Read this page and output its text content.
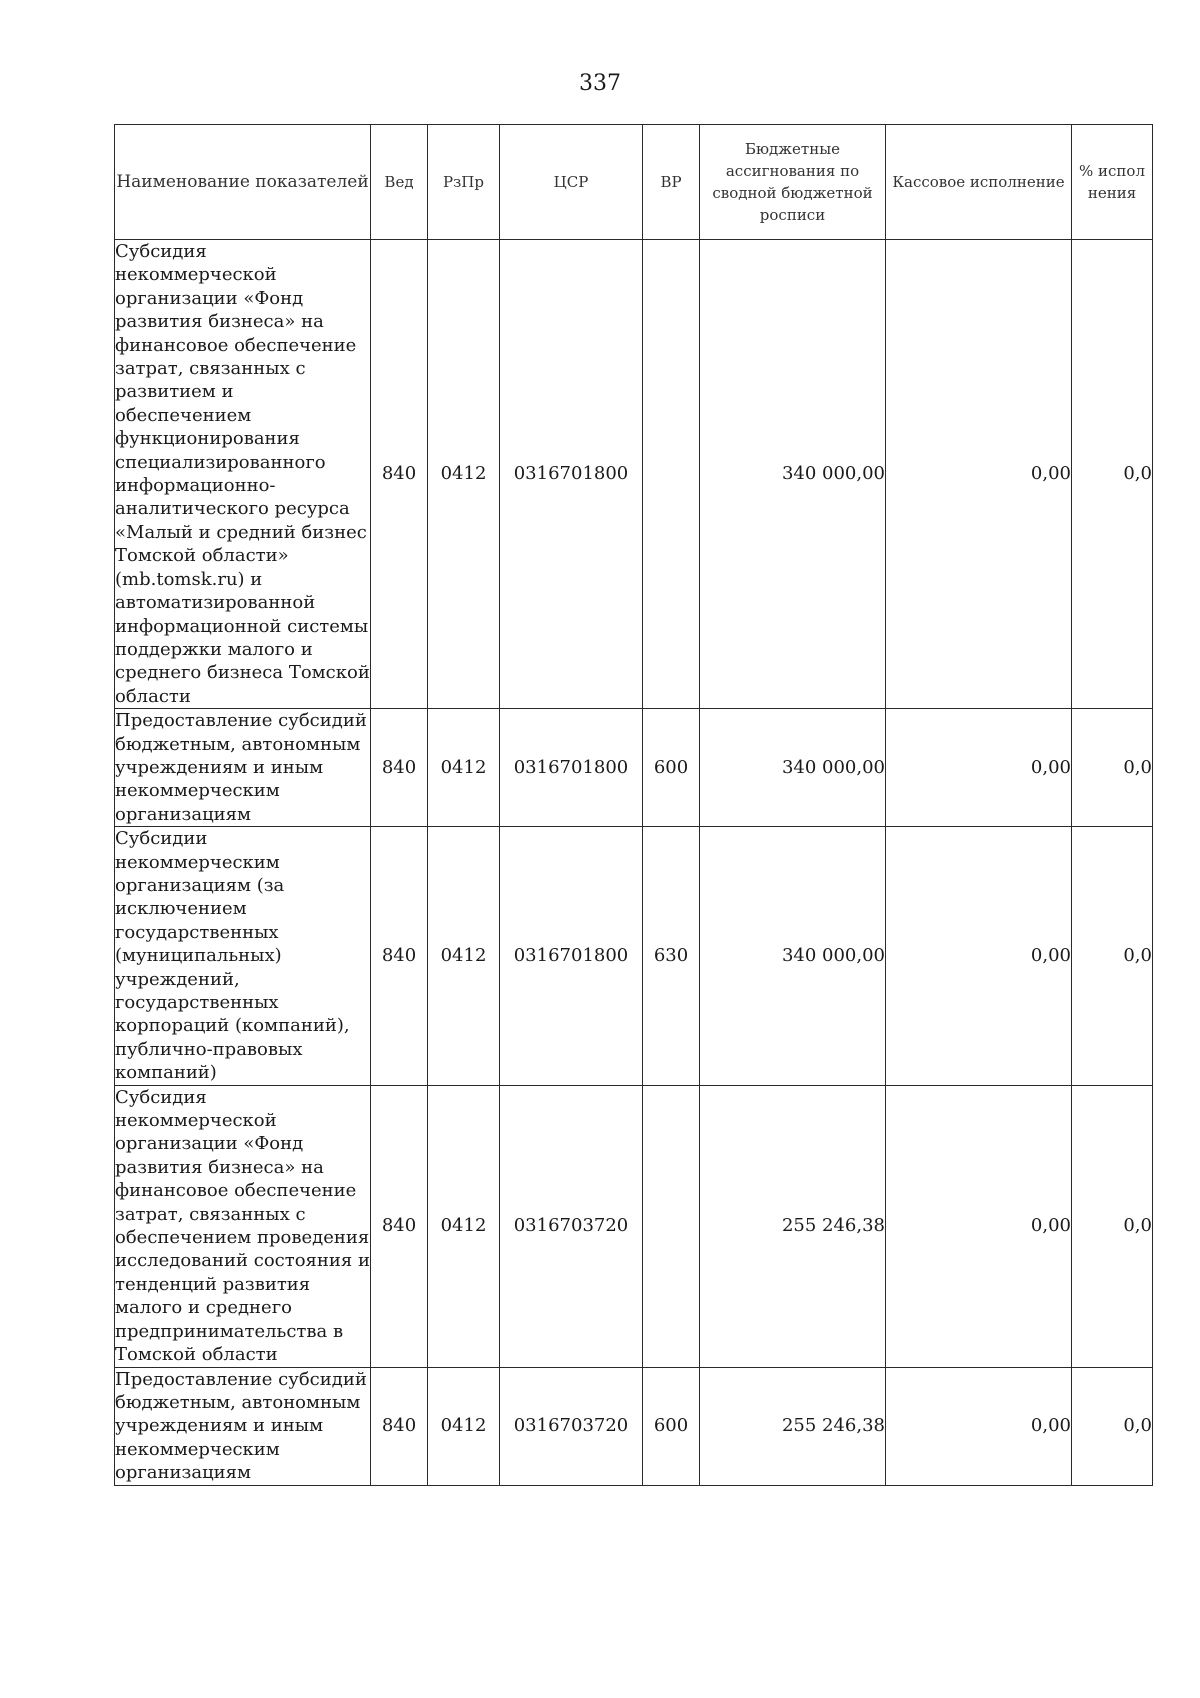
337
Наименование показателей	Вед	РзПр	ЦСР	ВР	Бюджетные ассигнования по сводной бюджетной росписи	Кассовое исполнение	% испол нения
Субсидия некоммерческой организации «Фонд развития бизнеса» на финансовое обеспечение затрат, связанных с развитием и обеспечением функционирования специализированного информационно-аналитического ресурса «Малый и средний бизнес Томской области» (mb.tomsk.ru) и автоматизированной информационной системы поддержки малого и среднего бизнеса Томской области	840	0412	0316701800		340 000,00	0,00	0,0
Предоставление субсидий бюджетным, автономным учреждениям и иным некоммерческим организациям	840	0412	0316701800	600	340 000,00	0,00	0,0
Субсидии некоммерческим организациям (за исключением государственных (муниципальных) учреждений, государственных корпораций (компаний), публично-правовых компаний)	840	0412	0316701800	630	340 000,00	0,00	0,0
Субсидия некоммерческой организации «Фонд развития бизнеса» на финансовое обеспечение затрат, связанных с обеспечением проведения исследований состояния и тенденций развития малого и среднего предпринимательства в Томской области	840	0412	0316703720		255 246,38	0,00	0,0
Предоставление субсидий бюджетным, автономным учреждениям и иным некоммерческим организациям	840	0412	0316703720	600	255 246,38	0,00	0,0
